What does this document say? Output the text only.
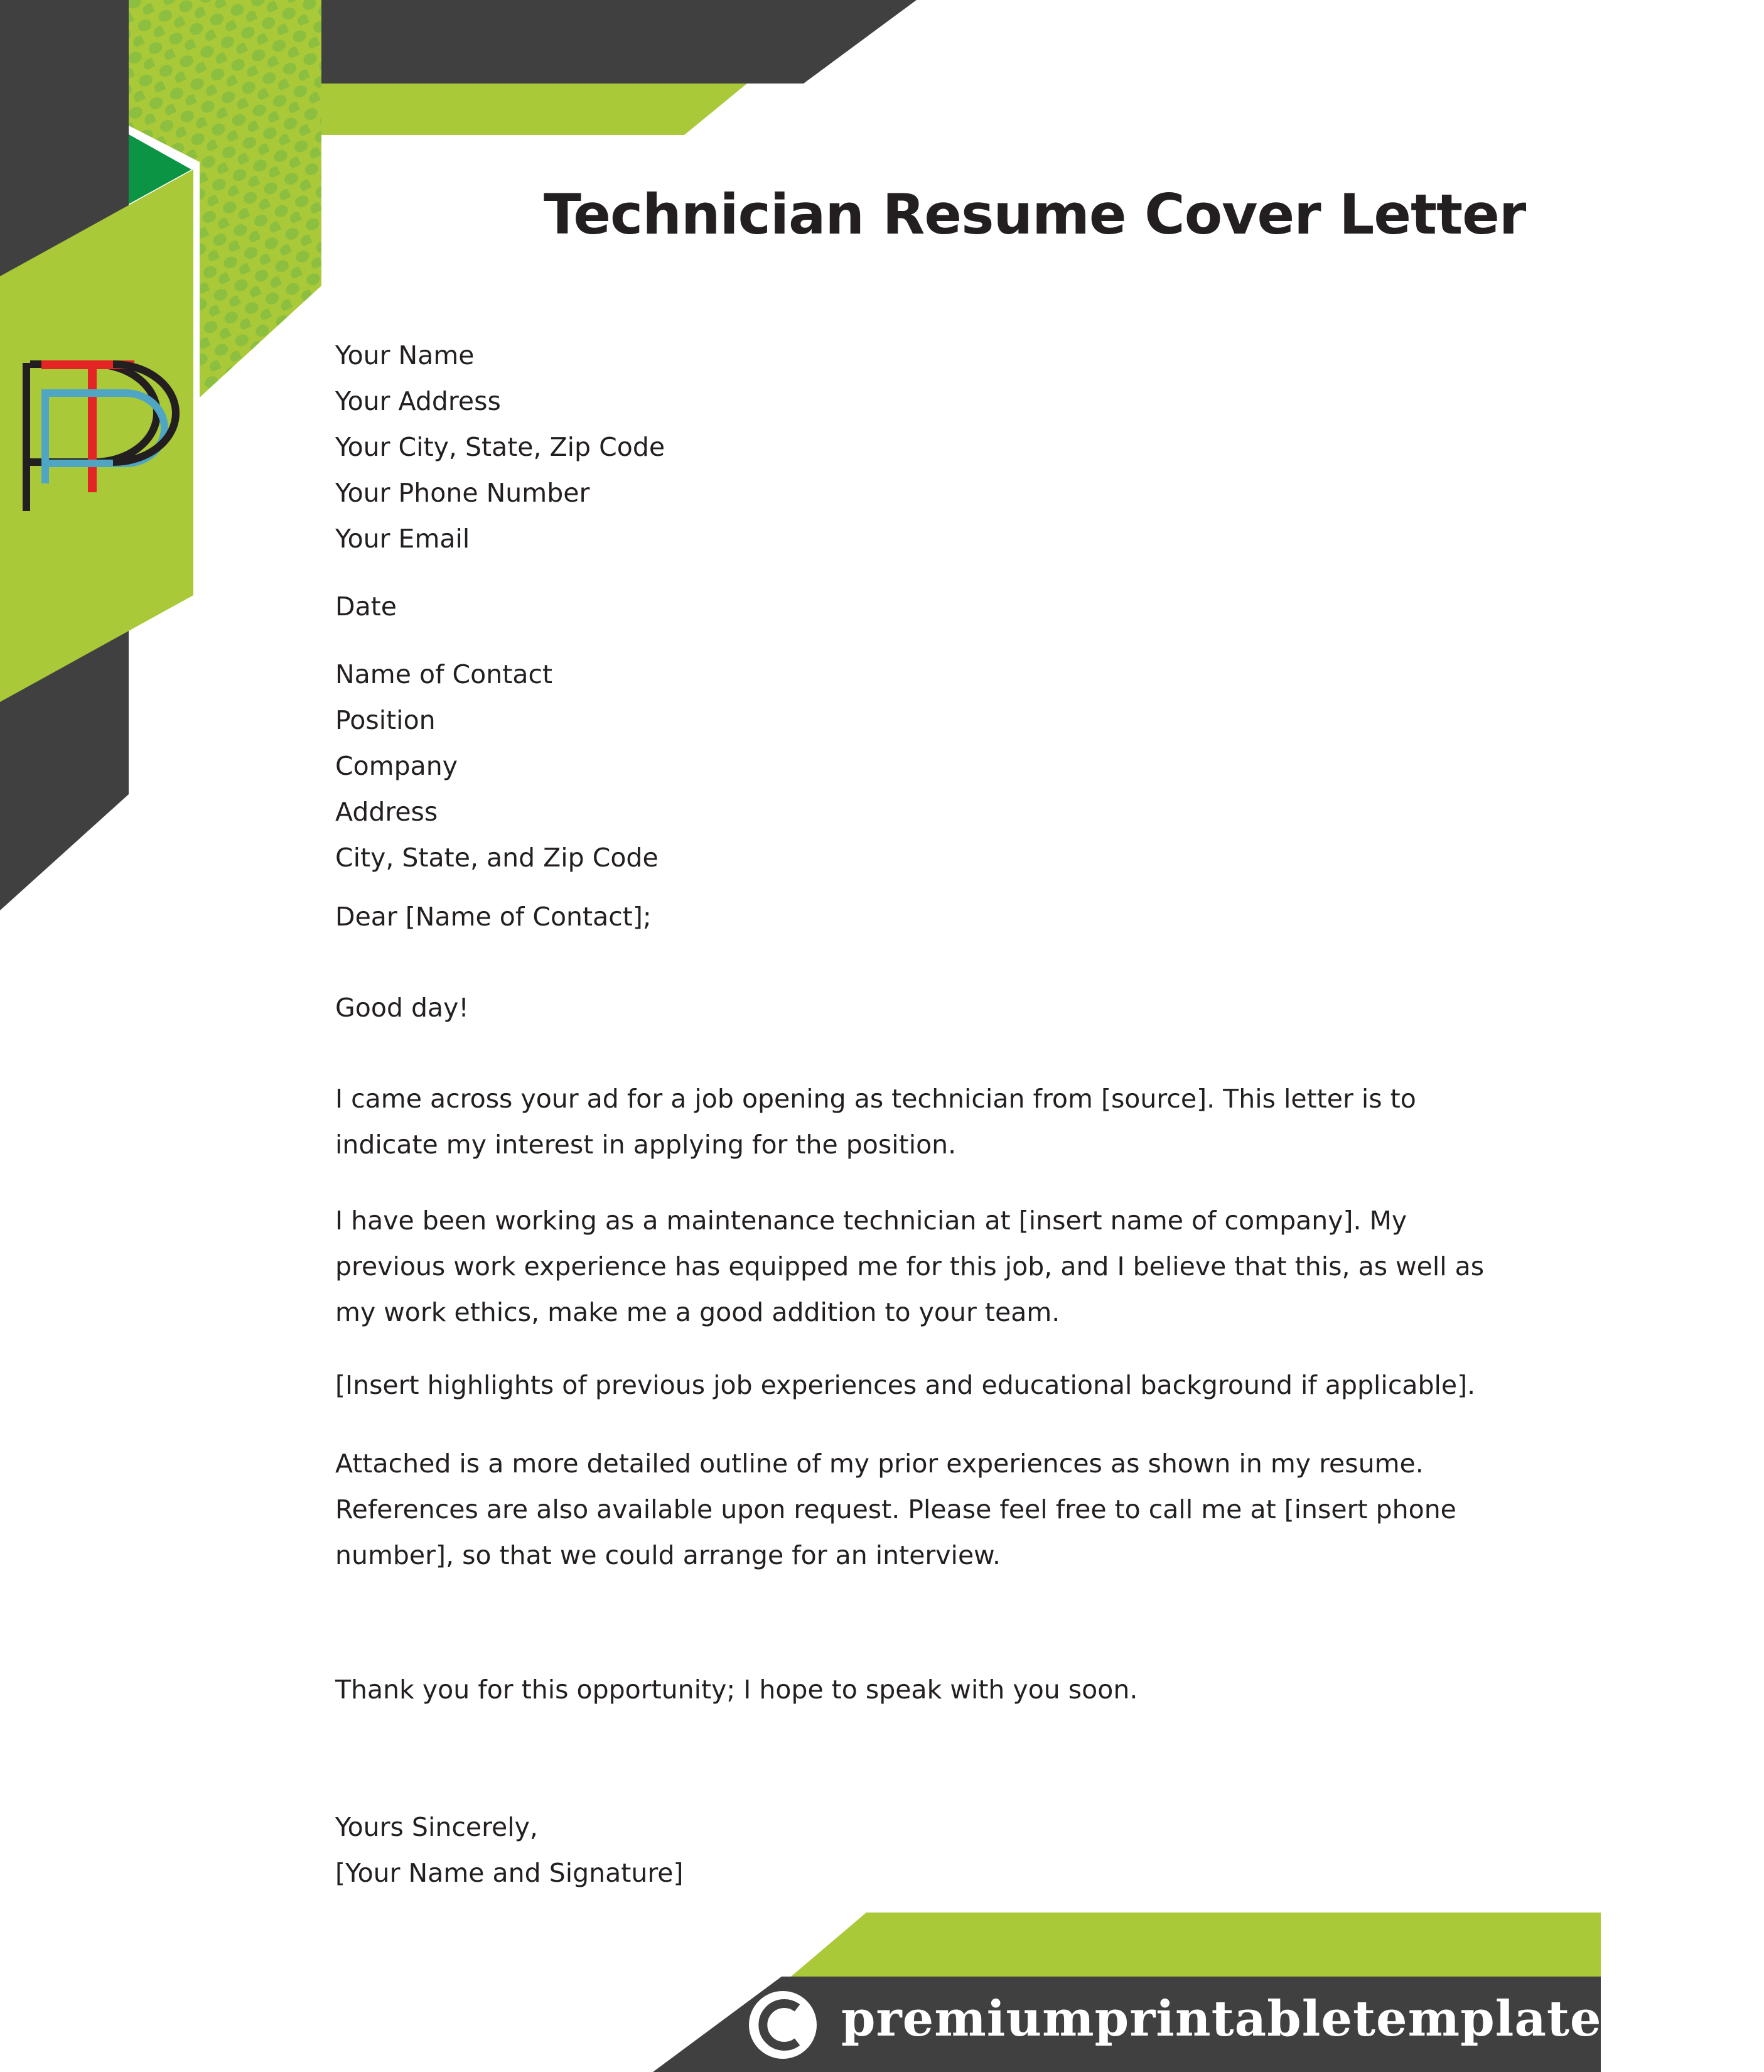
Technician Resume Cover Letter
Your Name
Your Address
Your City, State, Zip Code
Your Phone Number
Your Email
Date
Name of Contact
Position
Company
Address
City, State, and Zip Code
Dear [Name of Contact];
Good day!
I came across your ad for a job opening as technician from [source]. This letter is to indicate my interest in applying for the position.
I have been working as a maintenance technician at [insert name of company]. My previous work experience has equipped me for this job, and I believe that this, as well as my work ethics, make me a good addition to your team.
[Insert highlights of previous job experiences and educational background if applicable].
Attached is a more detailed outline of my prior experiences as shown in my resume. References are also available upon request. Please feel free to call me at [insert phone number], so that we could arrange for an interview.
Thank you for this opportunity; I hope to speak with you soon.
Yours Sincerely,
[Your Name and Signature]
premiumprintabletemplates.com
